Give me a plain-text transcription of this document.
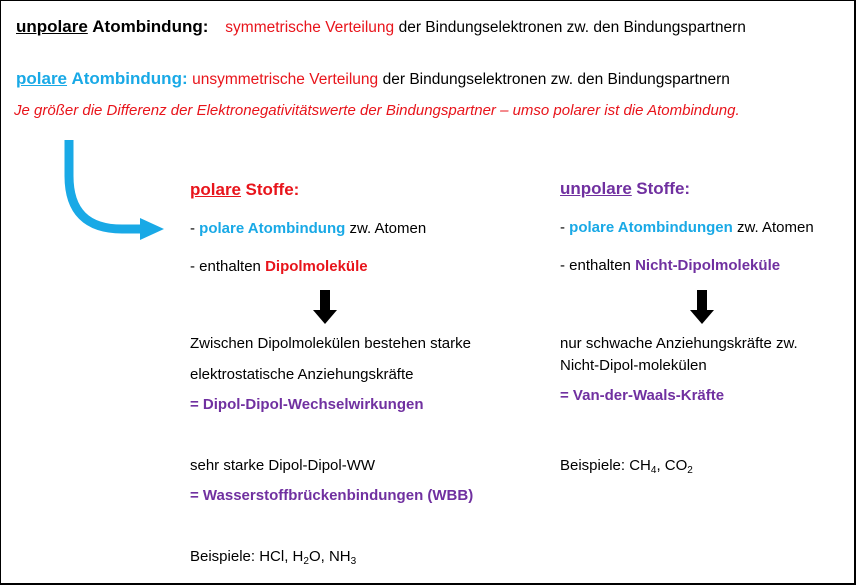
unpolare Atombindung: symmetrische Verteilung der Bindungselektronen zw. den Bindungspartnern
polare Atombindung: unsymmetrische Verteilung der Bindungselektronen zw. den Bindungspartnern
Je größer die Differenz der Elektronegativitätswerte der Bindungspartner – umso polarer ist die Atombindung.
polare Stoffe:
- polare Atombindung zw. Atomen
- enthalten Dipolmoleküle
Zwischen Dipolmolekülen bestehen starke
elektrostatische Anziehungskräfte
= Dipol-Dipol-Wechselwirkungen
sehr starke Dipol-Dipol-WW
= Wasserstoffbrückenbindungen (WBB)
Beispiele: HCl, $H_2O$, $NH_3$
unpolare Stoffe:
- polare Atombindungen zw. Atomen
- enthalten Nicht-Dipolmoleküle
nur schwache Anziehungskräfte zw.
Nicht-Dipol-molekülen
= Van-der-Waals-Kräfte
Beispiele: $CH_4$, $CO_2$
